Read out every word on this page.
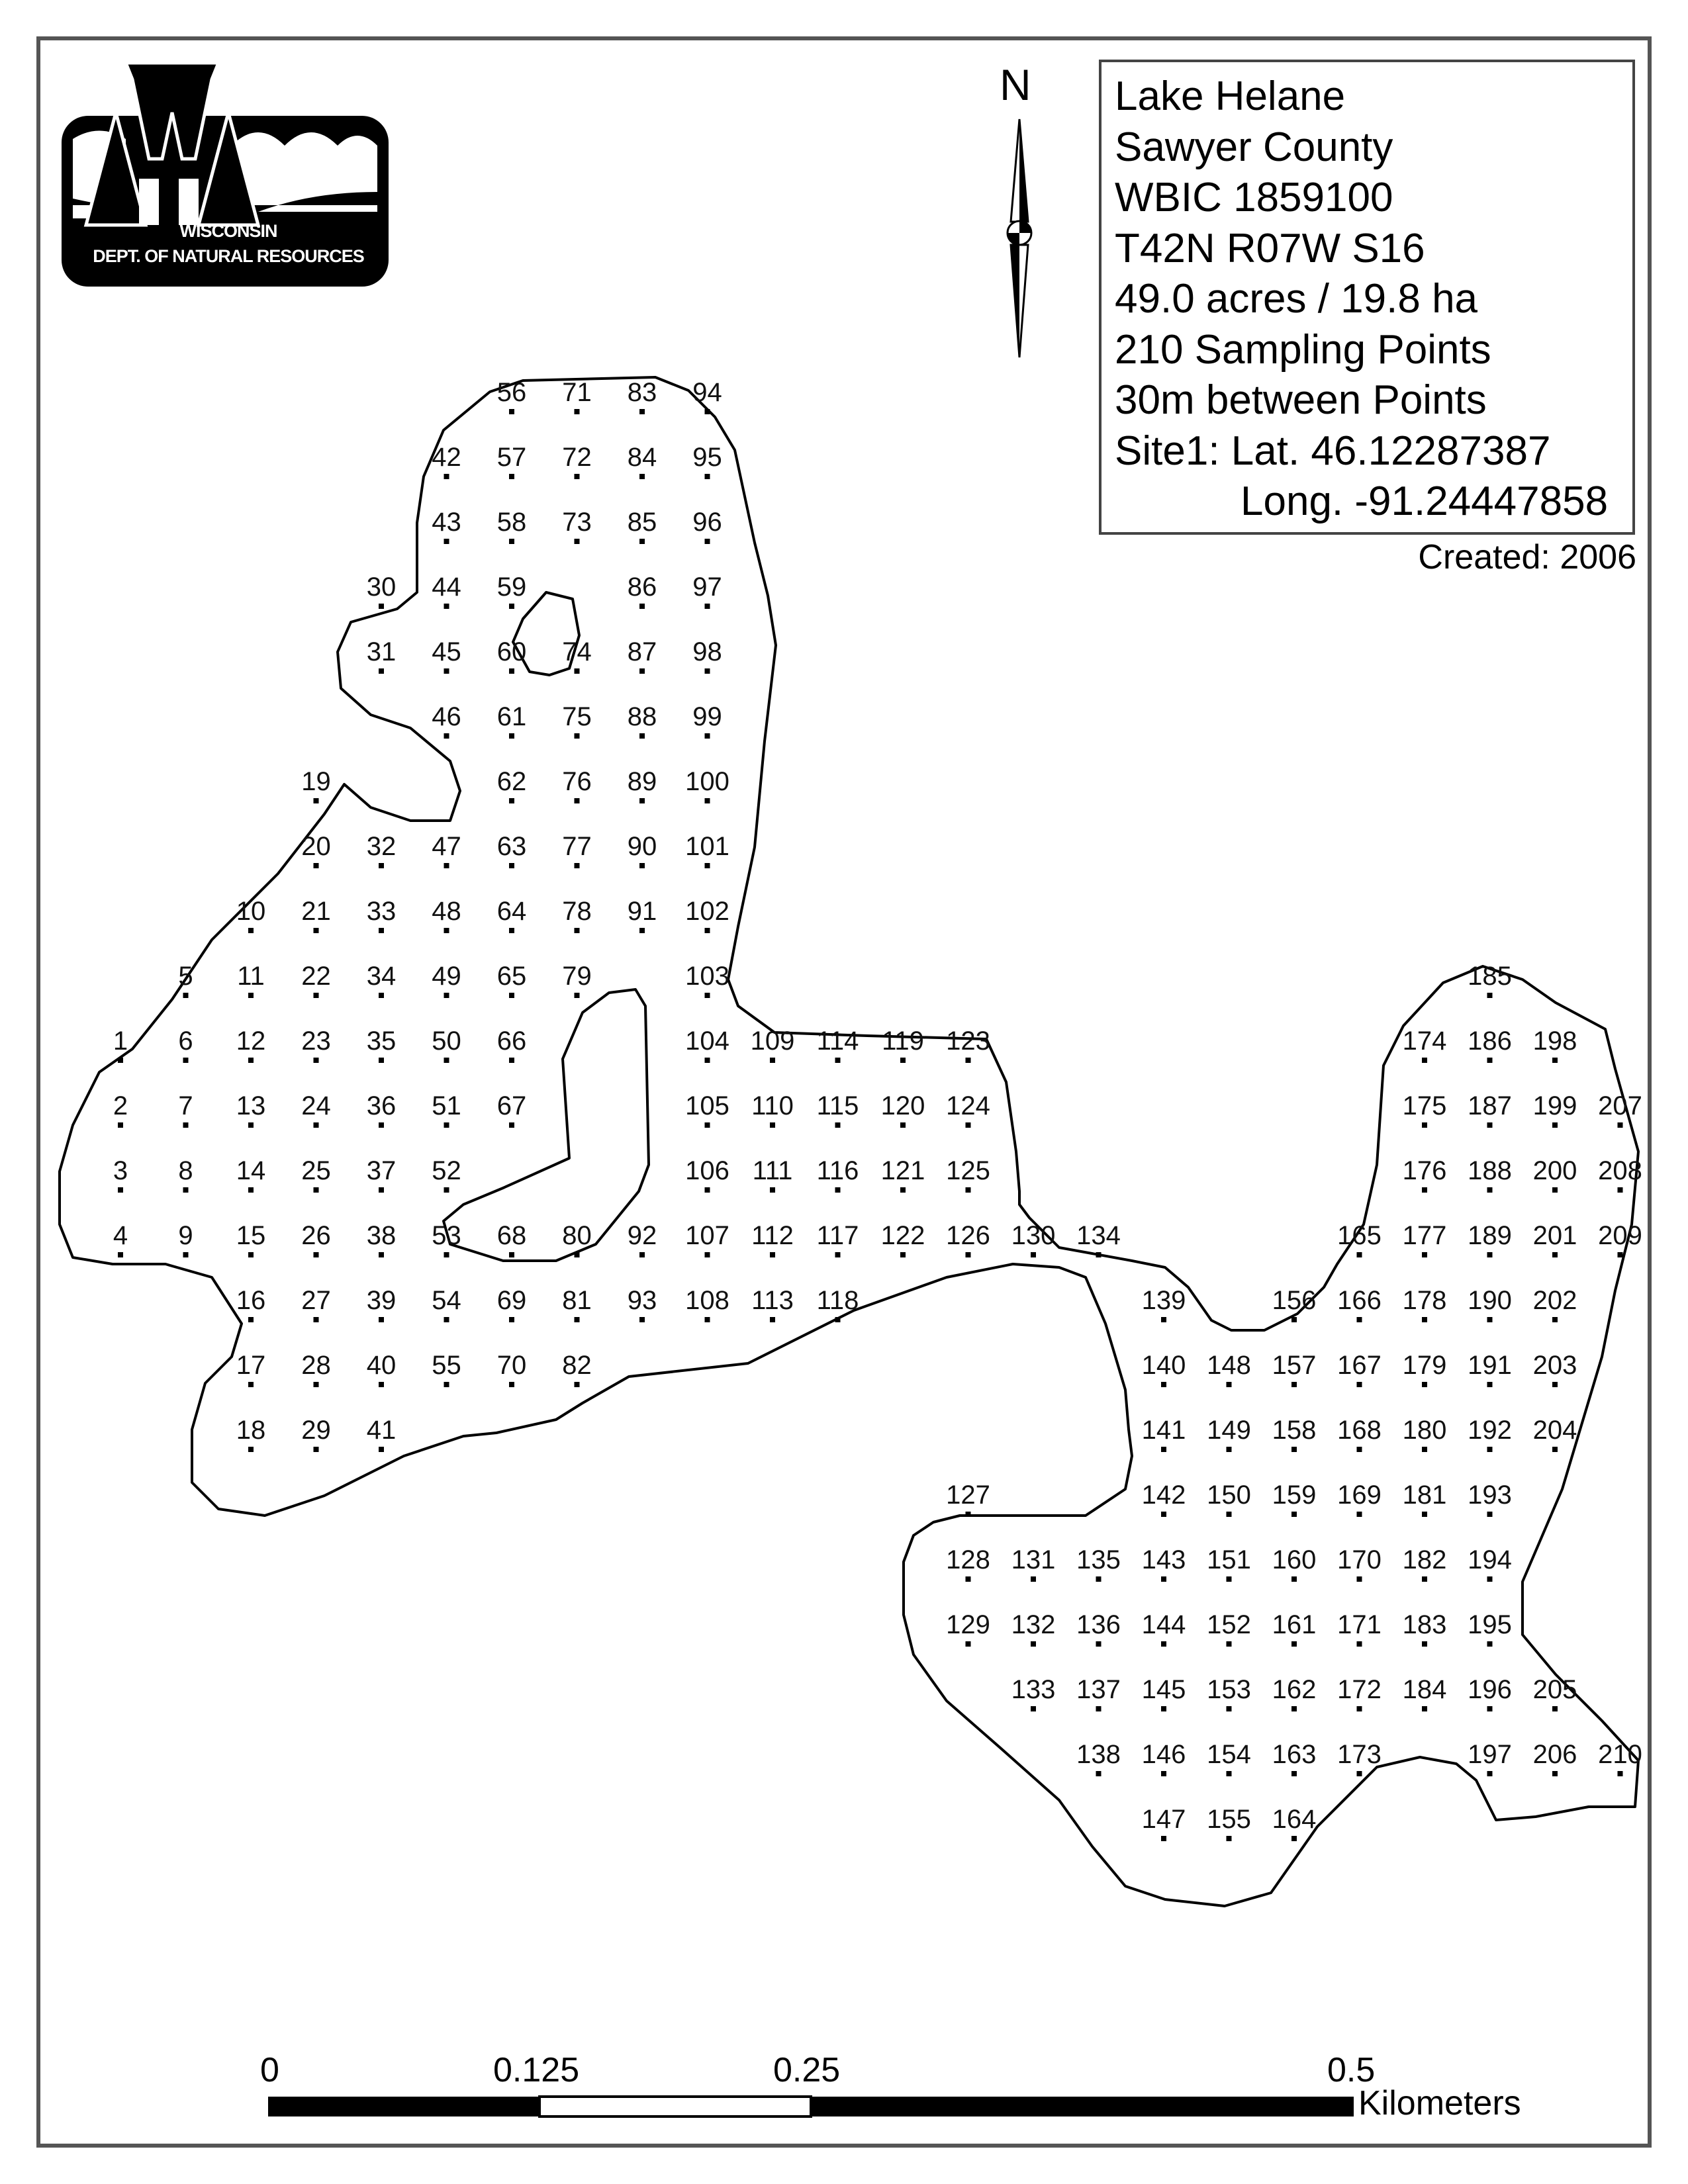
1
2
3
4
5
6
7
8
9
10
11
12
13
14
15
16
17
18
19
20
21
22
23
24
25
26
27
28
29
30
31
32
33
34
35
36
37
38
39
40
41
42
43
44
45
46
47
48
49
50
51
52
53
54
55
56
57
58
59
60
61
62
63
64
65
66
67
68
69
70
71
72
73
74
75
76
77
78
79
80
81
82
83
84
85
86
87
88
89
90
91
92
93
94
95
96
97
98
99
100
101
102
103
104
105
106
107
108
109
110
111
112
113
114
115
116
117
118
119
120
121
122
123
124
125
126
127
128
129
130
131
132
133
134
135
136
137
138
139
140
141
142
143
144
145
146
147
148
149
150
151
152
153
154
155
156
157
158
159
160
161
162
163
164
165
166
167
168
169
170
171
172
173
174
175
176
177
178
179
180
181
182
183
184
185
186
187
188
189
190
191
192
193
194
195
196
197
198
199
200
201
202
203
204
205
206
207
208
209
210
WISCONSIN
DEPT. OF NATURAL RESOURCES
N Lake Helane
Sawyer County
WBIC 1859100
T42N R07W S16
49.0 acres / 19.8 ha
210 Sampling Points
30m between Points
Site1: Lat. 46.12287387
Long. -91.24447858
Created: 2006
0	0.125	0.25	0.5
Kilometers
